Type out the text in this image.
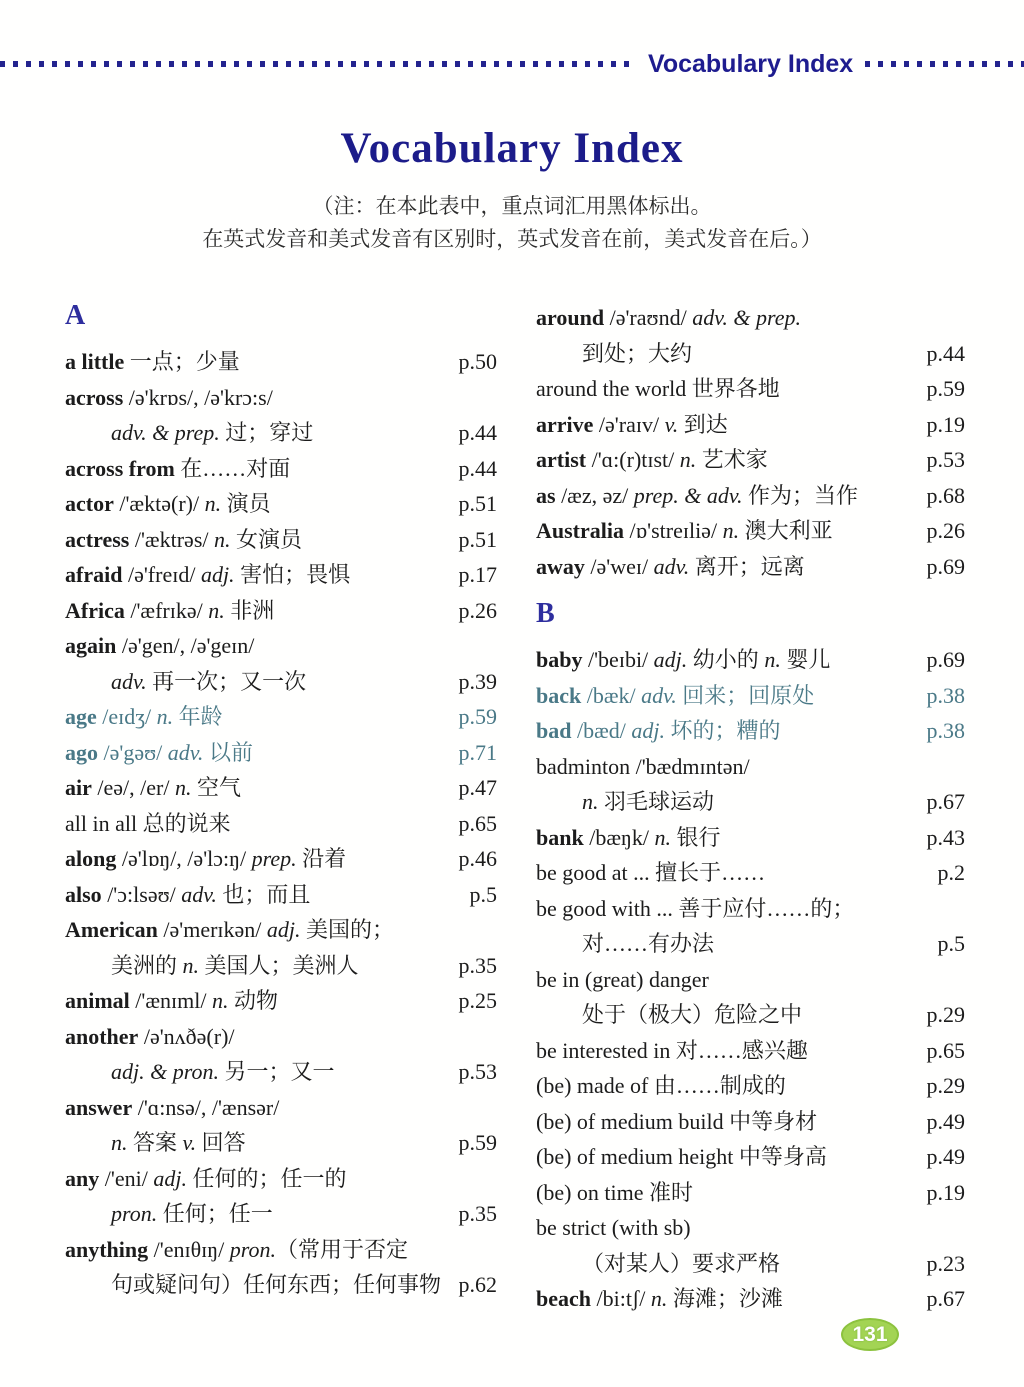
Vocabulary Index
Vocabulary Index
（注：在本此表中，重点词汇用黑体标出。
在英式发音和美式发音有区别时，英式发音在前，美式发音在后。）
A
a little 一点；少量	p.50
across /ə'krɒs/, /ə'krɔ:s/
adv. & prep. 过；穿过	p.44
across from 在……对面	p.44
actor /'æktə(r)/ n. 演员	p.51
actress /'æktrəs/ n. 女演员	p.51
afraid /ə'freɪd/ adj. 害怕；畏惧	p.17
Africa /'æfrɪkə/ n. 非洲	p.26
again /ə'gen/, /ə'geɪn/
adv. 再一次；又一次	p.39
age /eɪdʒ/ n. 年龄	p.59
ago /ə'gəʊ/ adv. 以前	p.71
air /eə/, /er/ n. 空气	p.47
all in all 总的说来	p.65
along /ə'lɒŋ/, /ə'lɔ:ŋ/ prep. 沿着	p.46
also /'ɔ:lsəʊ/ adv. 也；而且	p.5
American /ə'merɪkən/ adj. 美国的；
美洲的 n. 美国人；美洲人	p.35
animal /'ænɪml/ n. 动物	p.25
another /ə'nʌðə(r)/
adj. & pron. 另一；又一	p.53
answer /'ɑ:nsə/, /'ænsər/
n. 答案 v. 回答	p.59
any /'eni/ adj. 任何的；任一的
pron. 任何；任一	p.35
anything /'enɪθɪŋ/ pron.（常用于否定
句或疑问句）任何东西；任何事物 p.62
around /ə'raʊnd/ adv. & prep.
到处；大约	p.44
around the world 世界各地	p.59
arrive /ə'raɪv/ v. 到达	p.19
artist /'ɑ:(r)tɪst/ n. 艺术家	p.53
as /æz, əz/ prep. & adv. 作为；当作	p.68
Australia /ɒ'streɪliə/ n. 澳大利亚	p.26
away /ə'weɪ/ adv. 离开；远离	p.69
B
baby /'beɪbi/ adj. 幼小的 n. 婴儿	p.69
back /bæk/ adv. 回来；回原处	p.38
bad /bæd/ adj. 坏的；糟的	p.38
badminton /'bædmɪntən/
n. 羽毛球运动	p.67
bank /bæŋk/ n. 银行	p.43
be good at ... 擅长于……	p.2
be good with ... 善于应付……的；
对……有办法	p.5
be in (great) danger
处于（极大）危险之中	p.29
be interested in 对……感兴趣	p.65
(be) made of 由……制成的	p.29
(be) of medium build 中等身材	p.49
(be) of medium height 中等身高	p.49
(be) on time 准时	p.19
be strict (with sb)
（对某人）要求严格	p.23
beach /bi:tʃ/ n. 海滩；沙滩	p.67
131
